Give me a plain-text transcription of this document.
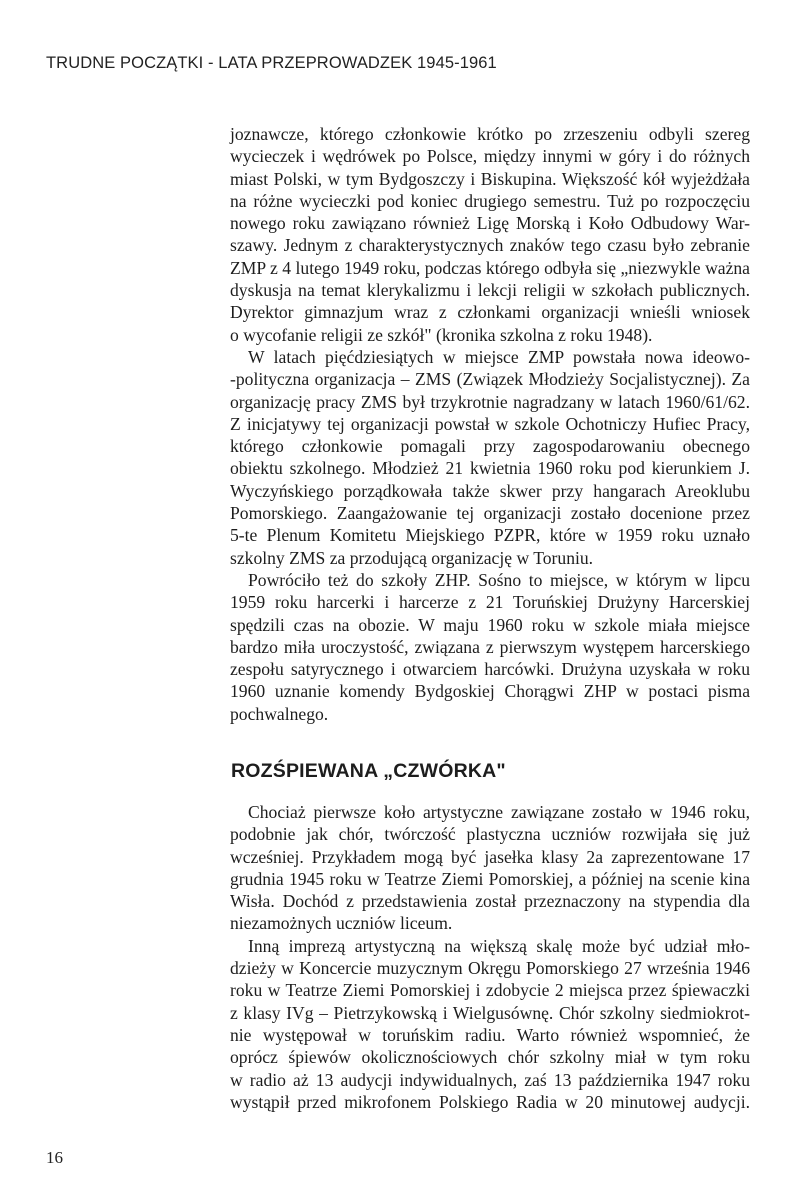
TRUDNE POCZĄTKI - LATA PRZEPROWADZEK 1945-1961
joznawcze, którego członkowie krótko po zrzeszeniu odbyli szereg
wycieczek i wędrówek po Polsce, między innymi w góry i do różnych
miast Polski, w tym Bydgoszczy i Biskupina. Większość kół wyjeżdżała
na różne wycieczki pod koniec drugiego semestru. Tuż po rozpoczęciu
nowego roku zawiązano również Ligę Morską i Koło Odbudowy War-
szawy. Jednym z charakterystycznych znaków tego czasu było zebranie
ZMP z 4 lutego 1949 roku, podczas którego odbyła się „niezwykle ważna
dyskusja na temat klerykalizmu i lekcji religii w szkołach publicznych.
Dyrektor gimnazjum wraz z członkami organizacji wnieśli wniosek
o wycofanie religii ze szkół" (kronika szkolna z roku 1948).
W latach pięćdziesiątych w miejsce ZMP powstała nowa ideowo-
-polityczna organizacja – ZMS (Związek Młodzieży Socjalistycznej). Za
organizację pracy ZMS był trzykrotnie nagradzany w latach 1960/61/62.
Z inicjatywy tej organizacji powstał w szkole Ochotniczy Hufiec Pracy,
którego członkowie pomagali przy zagospodarowaniu obecnego
obiektu szkolnego. Młodzież 21 kwietnia 1960 roku pod kierunkiem J.
Wyczyńskiego porządkowała także skwer przy hangarach Areoklubu
Pomorskiego. Zaangażowanie tej organizacji zostało docenione przez
5-te Plenum Komitetu Miejskiego PZPR, które w 1959 roku uznało
szkolny ZMS za przodującą organizację w Toruniu.
Powróciło też do szkoły ZHP. Sośno to miejsce, w którym w lipcu
1959 roku harcerki i harcerze z 21 Toruńskiej Drużyny Harcerskiej
spędzili czas na obozie. W maju 1960 roku w szkole miała miejsce
bardzo miła uroczystość, związana z pierwszym występem harcerskiego
zespołu satyrycznego i otwarciem harcówki. Drużyna uzyskała w roku
1960 uznanie komendy Bydgoskiej Chorągwi ZHP w postaci pisma
pochwalnego.
ROZŚPIEWANA „CZWÓRKA"
Chociaż pierwsze koło artystyczne zawiązane zostało w 1946 roku,
podobnie jak chór, twórczość plastyczna uczniów rozwijała się już
wcześniej. Przykładem mogą być jasełka klasy 2a zaprezentowane 17
grudnia 1945 roku w Teatrze Ziemi Pomorskiej, a później na scenie kina
Wisła. Dochód z przedstawienia został przeznaczony na stypendia dla
niezamożnych uczniów liceum.
Inną imprezą artystyczną na większą skalę może być udział mło-
dzieży w Koncercie muzycznym Okręgu Pomorskiego 27 września 1946
roku w Teatrze Ziemi Pomorskiej i zdobycie 2 miejsca przez śpiewaczki
z klasy IVg – Pietrzykowską i Wielgusównę. Chór szkolny siedmiokrot-
nie występował w toruńskim radiu. Warto również wspomnieć, że
oprócz śpiewów okolicznościowych chór szkolny miał w tym roku
w radio aż 13 audycji indywidualnych, zaś 13 października 1947 roku
wystąpił przed mikrofonem Polskiego Radia w 20 minutowej audycji.
16
